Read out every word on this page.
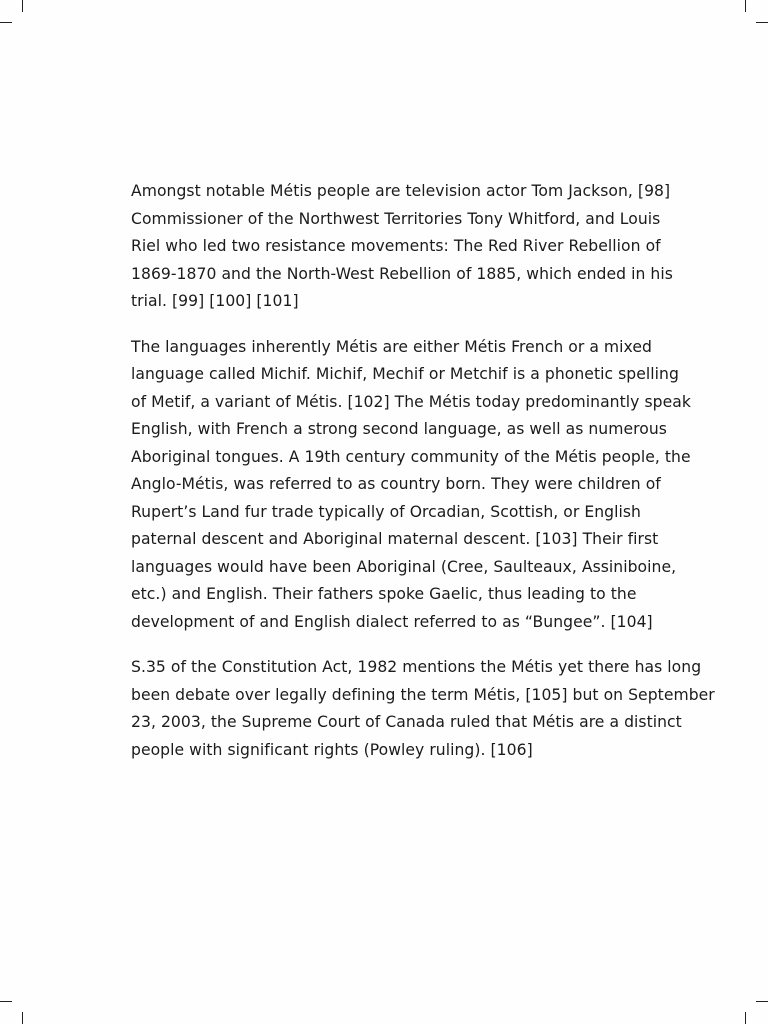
Amongst notable Métis people are television actor Tom Jackson, [98]
Commissioner of the Northwest Territories Tony Whitford, and Louis
Riel who led two resistance movements: The Red River Rebellion of
1869-1870 and the North-West Rebellion of 1885, which ended in his
trial. [99] [100] [101]

The languages inherently Métis are either Métis French or a mixed
language called Michif. Michif, Mechif or Metchif is a phonetic spelling
of Metif, a variant of Métis. [102] The Métis today predominantly speak
English, with French a strong second language, as well as numerous
Aboriginal tongues. A 19th century community of the Métis people, the
Anglo-Métis, was referred to as country born. They were children of
Rupert’s Land fur trade typically of Orcadian, Scottish, or English
paternal descent and Aboriginal maternal descent. [103] Their first
languages would have been Aboriginal (Cree, Saulteaux, Assiniboine,
etc.) and English. Their fathers spoke Gaelic, thus leading to the
development of and English dialect referred to as “Bungee”. [104]

S.35 of the Constitution Act, 1982 mentions the Métis yet there has long
been debate over legally defining the term Métis, [105] but on September
23, 2003, the Supreme Court of Canada ruled that Métis are a distinct
people with significant rights (Powley ruling). [106]
